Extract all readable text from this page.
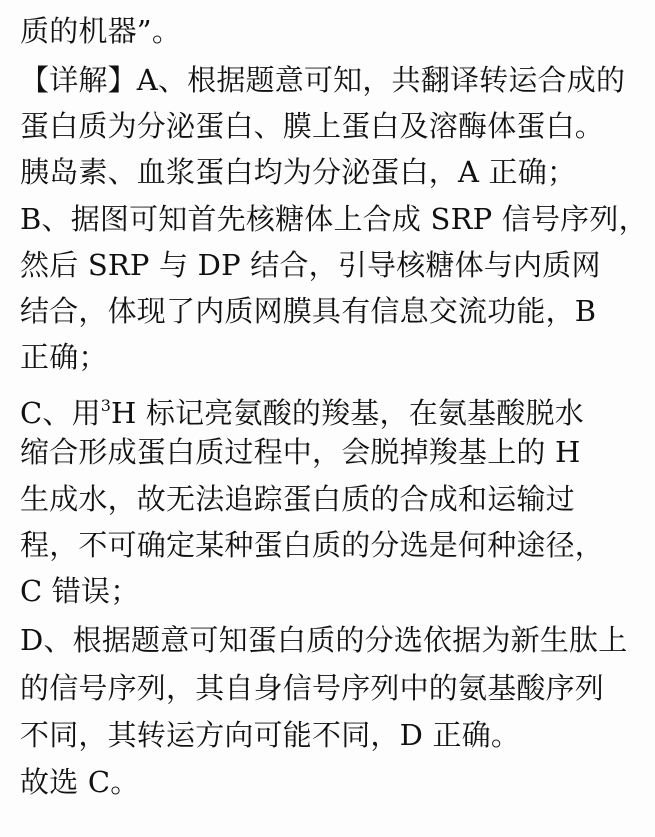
质的机器”。
【详解】A、根据题意可知，共翻译转运合成的
蛋白质为分泌蛋白、膜上蛋白及溶酶体蛋白。
胰岛素、血浆蛋白均为分泌蛋白，A 正确；
B、据图可知首先核糖体上合成 SRP 信号序列，
然后 SRP 与 DP 结合，引导核糖体与内质网
结合，体现了内质网膜具有信息交流功能，B
正确；
C、用$^3$H 标记亮氨酸的羧基，在氨基酸脱水
缩合形成蛋白质过程中，会脱掉羧基上的 H
生成水，故无法追踪蛋白质的合成和运输过
程，不可确定某种蛋白质的分选是何种途径，
C 错误；
D、根据题意可知蛋白质的分选依据为新生肽上
的信号序列，其自身信号序列中的氨基酸序列
不同，其转运方向可能不同，D 正确。
故选 C。
